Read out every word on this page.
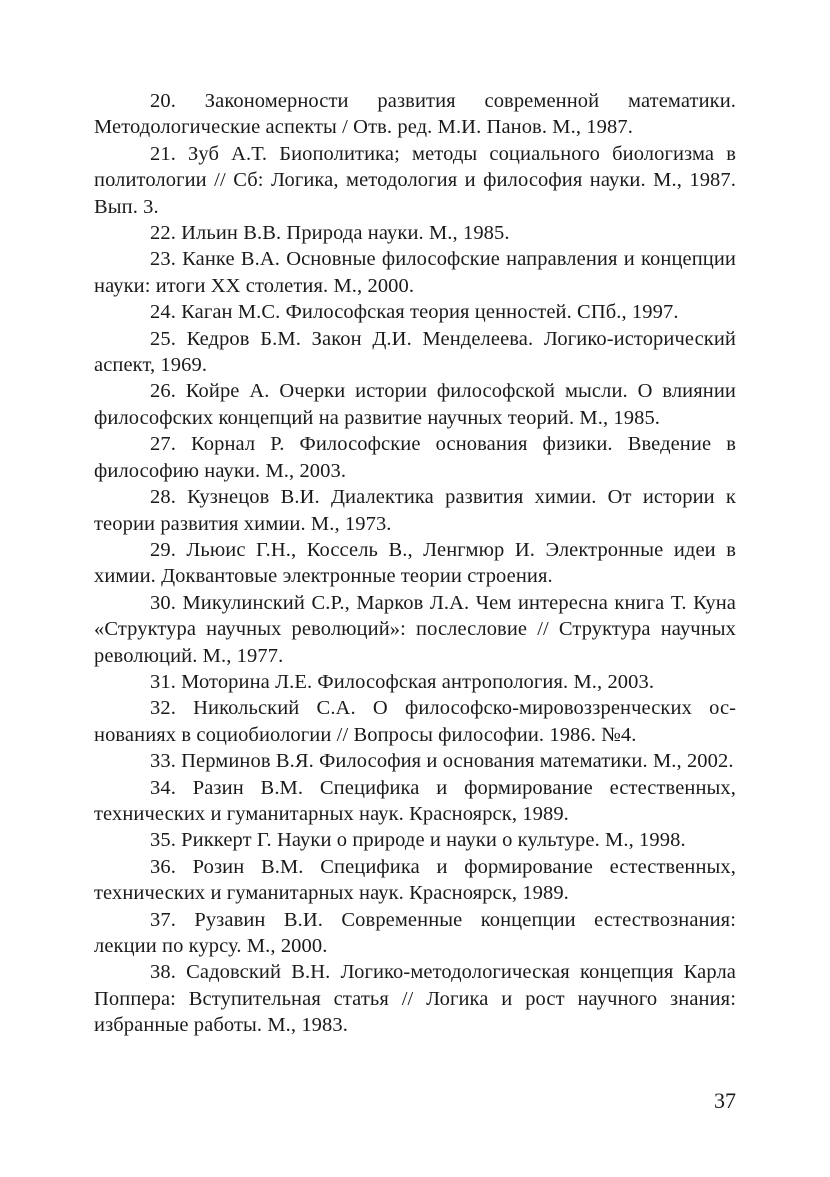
20. Закономерности развития современной математики. Методологические аспекты / Отв. ред. М.И. Панов. М., 1987.

21. Зуб А.Т. Биополитика; методы социального биологизма в политологии // Сб: Логика, методология и философия науки. М., 1987. Вып. 3.

22. Ильин В.В. Природа науки. М., 1985.

23. Канке В.А. Основные философские направления и концепции науки: итоги XX столетия. М., 2000.

24. Каган М.С. Философская теория ценностей. СПб., 1997.

25. Кедров Б.М. Закон Д.И. Менделеева. Логико-исторический аспект, 1969.

26. Койре А. Очерки истории философской мысли. О влиянии философских концепций на развитие научных теорий. М., 1985.

27. Корнал Р. Философские основания физики. Введение в философию науки. М., 2003.

28. Кузнецов В.И. Диалектика развития химии. От истории к теории развития химии. М., 1973.

29. Льюис Г.Н., Коссель В., Ленгмюр И. Электронные идеи в химии. Доквантовые электронные теории строения.

30. Микулинский С.Р., Марков Л.А. Чем интересна книга Т. Куна «Структура научных революций»: послесловие // Структура научных революций. М., 1977.

31. Моторина Л.Е. Философская антропология. М., 2003.

32. Никольский С.А. О философско-мировоззренческих основаниях в социобиологии // Вопросы философии. 1986. №4.

33. Перминов В.Я. Философия и основания математики. М., 2002.

34. Разин В.М. Специфика и формирование естественных, технических и гуманитарных наук. Красноярск, 1989.

35. Риккерт Г. Науки о природе и науки о культуре. М., 1998.

36. Розин В.М. Специфика и формирование естественных, технических и гуманитарных наук. Красноярск, 1989.

37. Рузавин В.И. Современные концепции естествознания: лекции по курсу. М., 2000.

38. Садовский В.Н. Логико-методологическая концепция Карла Поппера: Вступительная статья // Логика и рост научного знания: избранные работы. М., 1983.

37
